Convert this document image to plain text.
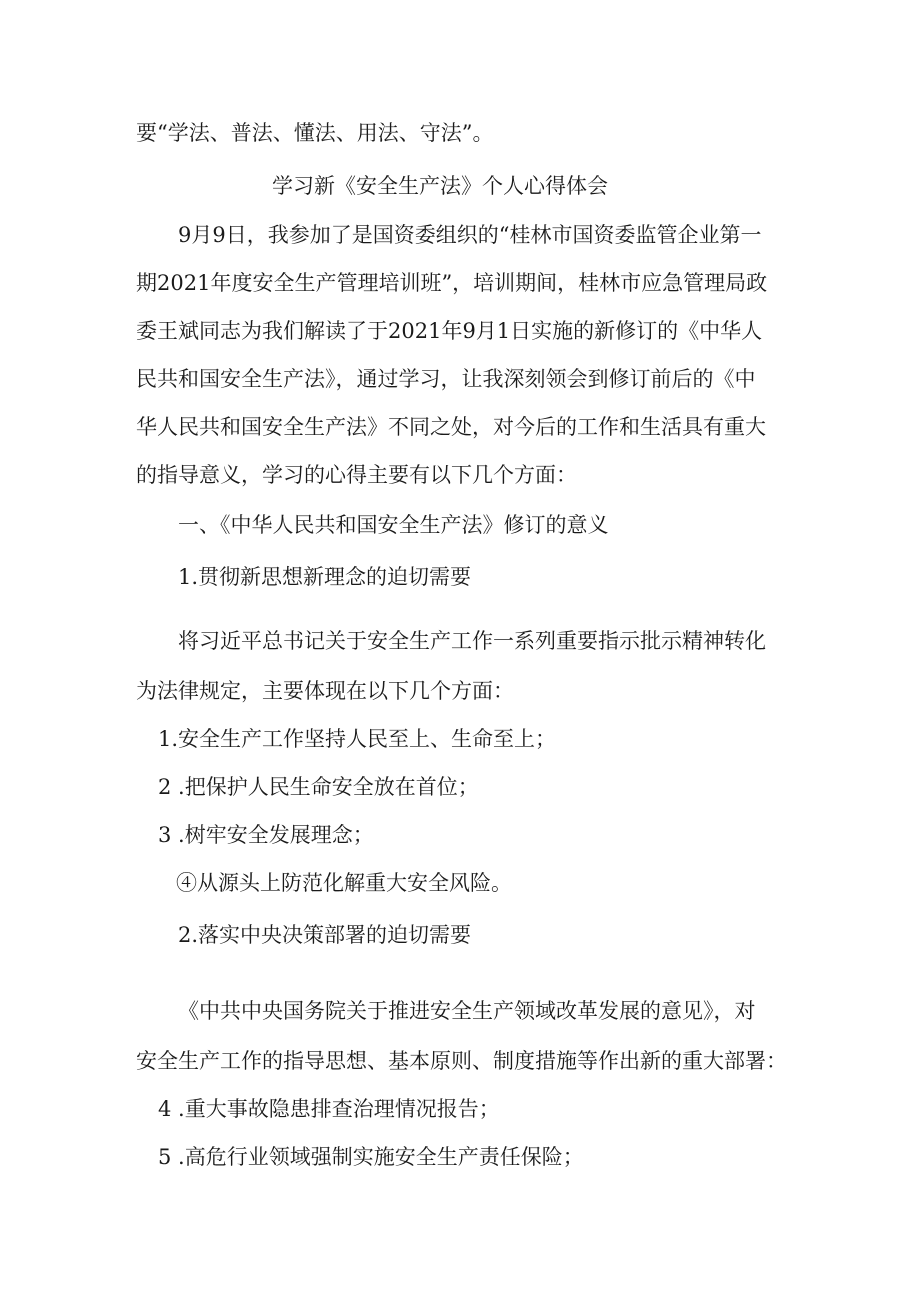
要“学法、普法、懂法、用法、守法”。
学习新《安全生产法》个人心得体会
9月9日，我参加了是国资委组织的“桂林市国资委监管企业第一
期2021年度安全生产管理培训班”，培训期间，桂林市应急管理局政
委王斌同志为我们解读了于2021年9月1日实施的新修订的《中华人
民共和国安全生产法》，通过学习，让我深刻领会到修订前后的《中
华人民共和国安全生产法》不同之处，对今后的工作和生活具有重大
的指导意义，学习的心得主要有以下几个方面：
一、《中华人民共和国安全生产法》修订的意义
1.贯彻新思想新理念的迫切需要
将习近平总书记关于安全生产工作一系列重要指示批示精神转化
为法律规定，主要体现在以下几个方面：
1.安全生产工作坚持人民至上、生命至上；
2 .把保护人民生命安全放在首位；
3 .树牢安全发展理念；
④从源头上防范化解重大安全风险。
2.落实中央决策部署的迫切需要
《中共中央国务院关于推进安全生产领域改革发展的意见》，对
安全生产工作的指导思想、基本原则、制度措施等作出新的重大部署：
4 .重大事故隐患排查治理情况报告；
5 .高危行业领域强制实施安全生产责任保险；
